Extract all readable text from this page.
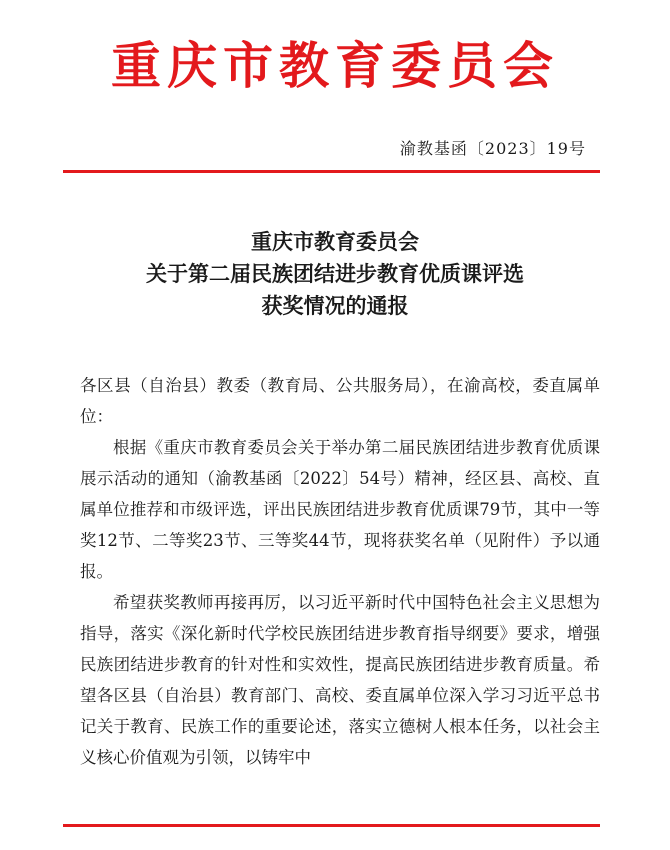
重庆市教育委员会
渝教基函〔2023〕19号
重庆市教育委员会
关于第二届民族团结进步教育优质课评选
获奖情况的通报

各区县（自治县）教委（教育局、公共服务局），在渝高校，委直属单位：

根据《重庆市教育委员会关于举办第二届民族团结进步教育优质课展示活动的通知（渝教基函〔2022〕54号）精神，经区县、高校、直属单位推荐和市级评选，评出民族团结进步教育优质课79节，其中一等奖12节、二等奖23节、三等奖44节，现将获奖名单（见附件）予以通报。

希望获奖教师再接再厉，以习近平新时代中国特色社会主义思想为指导，落实《深化新时代学校民族团结进步教育指导纲要》要求，增强民族团结进步教育的针对性和实效性，提高民族团结进步教育质量。希望各区县（自治县）教育部门、高校、委直属单位深入学习习近平总书记关于教育、民族工作的重要论述，落实立德树人根本任务，以社会主义核心价值观为引领，以铸牢中
